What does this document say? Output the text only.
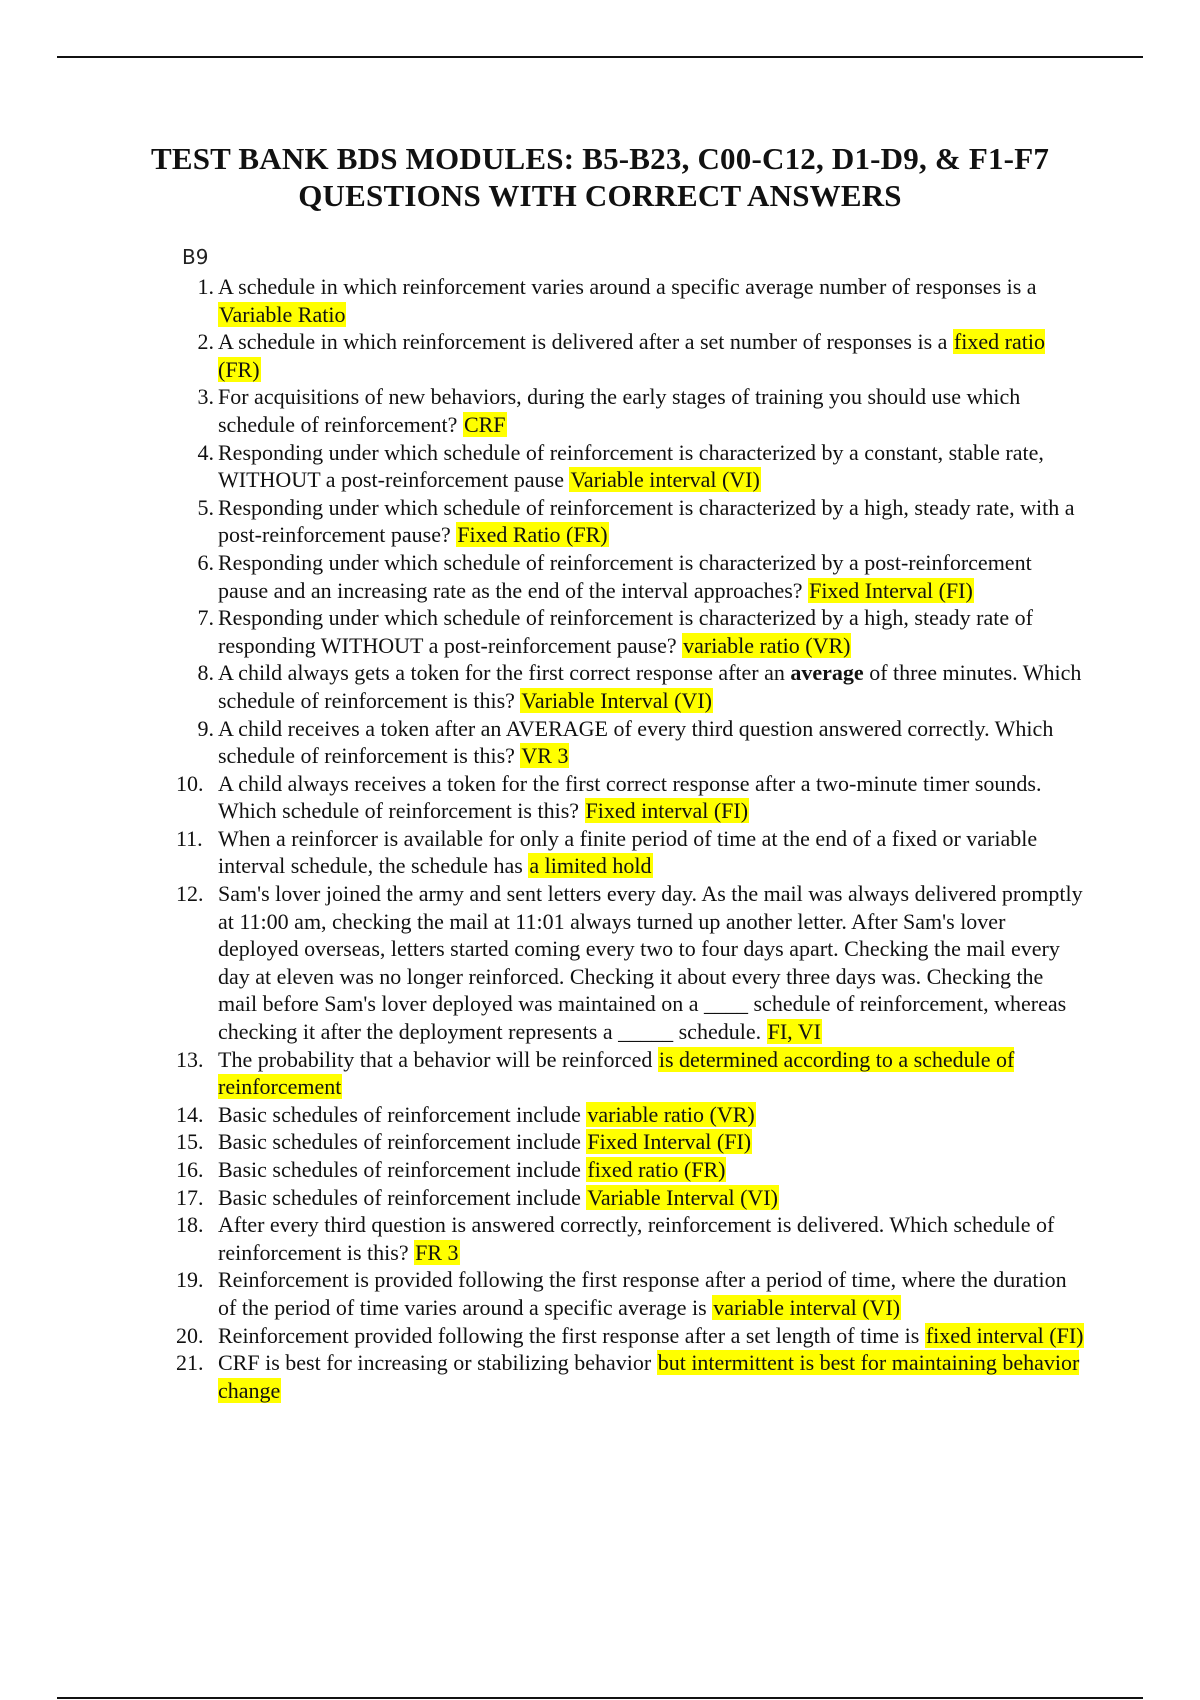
TEST BANK BDS MODULES: B5-B23, C00-C12, D1-D9, & F1-F7
QUESTIONS WITH CORRECT ANSWERS
B9
1. A schedule in which reinforcement varies around a specific average number of responses is a Variable Ratio
2. A schedule in which reinforcement is delivered after a set number of responses is a fixed ratio (FR)
3. For acquisitions of new behaviors, during the early stages of training you should use which schedule of reinforcement? CRF
4. Responding under which schedule of reinforcement is characterized by a constant, stable rate, WITHOUT a post-reinforcement pause Variable interval (VI)
5. Responding under which schedule of reinforcement is characterized by a high, steady rate, with a post-reinforcement pause? Fixed Ratio (FR)
6. Responding under which schedule of reinforcement is characterized by a post-reinforcement pause and an increasing rate as the end of the interval approaches? Fixed Interval (FI)
7. Responding under which schedule of reinforcement is characterized by a high, steady rate of responding WITHOUT a post-reinforcement pause? variable ratio (VR)
8. A child always gets a token for the first correct response after an average of three minutes. Which schedule of reinforcement is this? Variable Interval (VI)
9. A child receives a token after an AVERAGE of every third question answered correctly. Which schedule of reinforcement is this? VR 3
10. A child always receives a token for the first correct response after a two-minute timer sounds. Which schedule of reinforcement is this? Fixed interval (FI)
11. When a reinforcer is available for only a finite period of time at the end of a fixed or variable interval schedule, the schedule has a limited hold
12. Sam's lover joined the army and sent letters every day. As the mail was always delivered promptly at 11:00 am, checking the mail at 11:01 always turned up another letter. After Sam's lover deployed overseas, letters started coming every two to four days apart. Checking the mail every day at eleven was no longer reinforced. Checking it about every three days was. Checking the mail before Sam's lover deployed was maintained on a ____ schedule of reinforcement, whereas checking it after the deployment represents a _____ schedule. FI, VI
13. The probability that a behavior will be reinforced is determined according to a schedule of reinforcement
14. Basic schedules of reinforcement include variable ratio (VR)
15. Basic schedules of reinforcement include Fixed Interval (FI)
16. Basic schedules of reinforcement include fixed ratio (FR)
17. Basic schedules of reinforcement include Variable Interval (VI)
18. After every third question is answered correctly, reinforcement is delivered. Which schedule of reinforcement is this? FR 3
19. Reinforcement is provided following the first response after a period of time, where the duration of the period of time varies around a specific average is variable interval (VI)
20. Reinforcement provided following the first response after a set length of time is fixed interval (FI)
21. CRF is best for increasing or stabilizing behavior but intermittent is best for maintaining behavior change
